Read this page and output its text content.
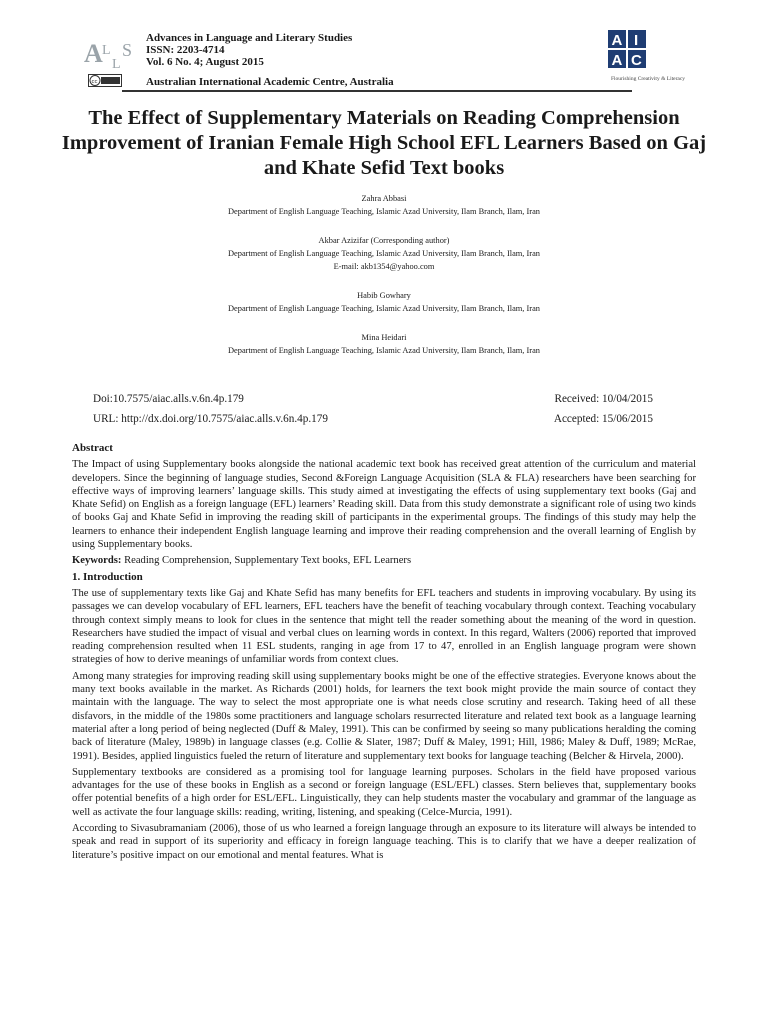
A L
L
S
Advances in Language and Literary Studies
ISSN: 2203-4714
Vol. 6 No. 4; August 2015
cc	Australian International Academic Centre, Australia
A I
A C
Flourishing Creativity & Literacy
The Effect of Supplementary Materials on Reading Comprehension Improvement of Iranian Female High School EFL Learners Based on Gaj and Khate Sefid Text books
Zahra Abbasi
Department of English Language Teaching, Islamic Azad University, Ilam Branch, Ilam, Iran
Akbar Azizifar (Corresponding author)
Department of English Language Teaching, Islamic Azad University, Ilam Branch, Ilam, Iran
E-mail: akb1354@yahoo.com
Habib Gowhary
Department of English Language Teaching, Islamic Azad University, Ilam Branch, Ilam, Iran
Mina Heidari
Department of English Language Teaching, Islamic Azad University, Ilam Branch, Ilam, Iran
Doi:10.7575/aiac.alls.v.6n.4p.179	Received: 10/04/2015
URL: http://dx.doi.org/10.7575/aiac.alls.v.6n.4p.179	Accepted: 15/06/2015
Abstract

The Impact of using Supplementary books alongside the national academic text book has received great attention of the curriculum and material developers. Since the beginning of language studies, Second &Foreign Language Acquisition (SLA & FLA) researchers have been searching for effective ways of improving learners’ language skills. This study aimed at investigating the effects of using supplementary text books (Gaj and Khate Sefid) on English as a foreign language (EFL) learners’ Reading skill. Data from this study demonstrate a significant role of using two kinds of books Gaj and Khate Sefid in improving the reading skill of participants in the experimental groups. The findings of this study may help the learners to enhance their independent English language learning and improve their reading comprehension and the overall learning of English by using Supplementary books.

Keywords: Reading Comprehension, Supplementary Text books, EFL Learners

1. Introduction

The use of supplementary texts like Gaj and Khate Sefid has many benefits for EFL teachers and students in improving vocabulary. By using its passages we can develop vocabulary of EFL learners, EFL teachers have the benefit of teaching vocabulary through context. Teaching vocabulary through context simply means to look for clues in the sentence that might tell the reader something about the meaning of the word in question. Researchers have studied the impact of visual and verbal clues on learning words in context. In this regard, Walters (2006) reported that improved reading comprehension resulted when 11 ESL students, ranging in age from 17 to 47, enrolled in an English language program were shown strategies of how to derive meanings of unfamiliar words from context clues.

Among many strategies for improving reading skill using supplementary books might be one of the effective strategies. Everyone knows about the many text books available in the market. As Richards (2001) holds, for learners the text book might provide the main source of contact they maintain with the language. The way to select the most appropriate one is what needs close scrutiny and research. Taking heed of all these disfavors, in the middle of the 1980s some practitioners and language scholars resurrected literature and related text book as a language learning material after a long period of being neglected (Duff & Maley, 1991). This can be confirmed by seeing so many publications heralding the coming back of literature (Maley, 1989b) in language classes (e.g. Collie & Slater, 1987; Duff & Maley, 1991; Hill, 1986; Maley & Duff, 1989; McRae, 1991). Besides, applied linguistics fueled the return of literature and supplementary text books for language teaching (Belcher & Hirvela, 2000).

Supplementary textbooks are considered as a promising tool for language learning purposes. Scholars in the field have proposed various advantages for the use of these books in English as a second or foreign language (ESL/EFL) classes. Stern believes that, supplementary books offer potential benefits of a high order for ESL/EFL. Linguistically, they can help students master the vocabulary and grammar of the language as well as activate the four language skills: reading, writing, listening, and speaking (Celce-Murcia, 1991).

According to Sivasubramaniam (2006), those of us who learned a foreign language through an exposure to its literature will always be intended to speak and read in support of its superiority and efficacy in foreign language teaching. This is to clarify that we have a deeper realization of literature’s positive impact on our emotional and mental features. What is
